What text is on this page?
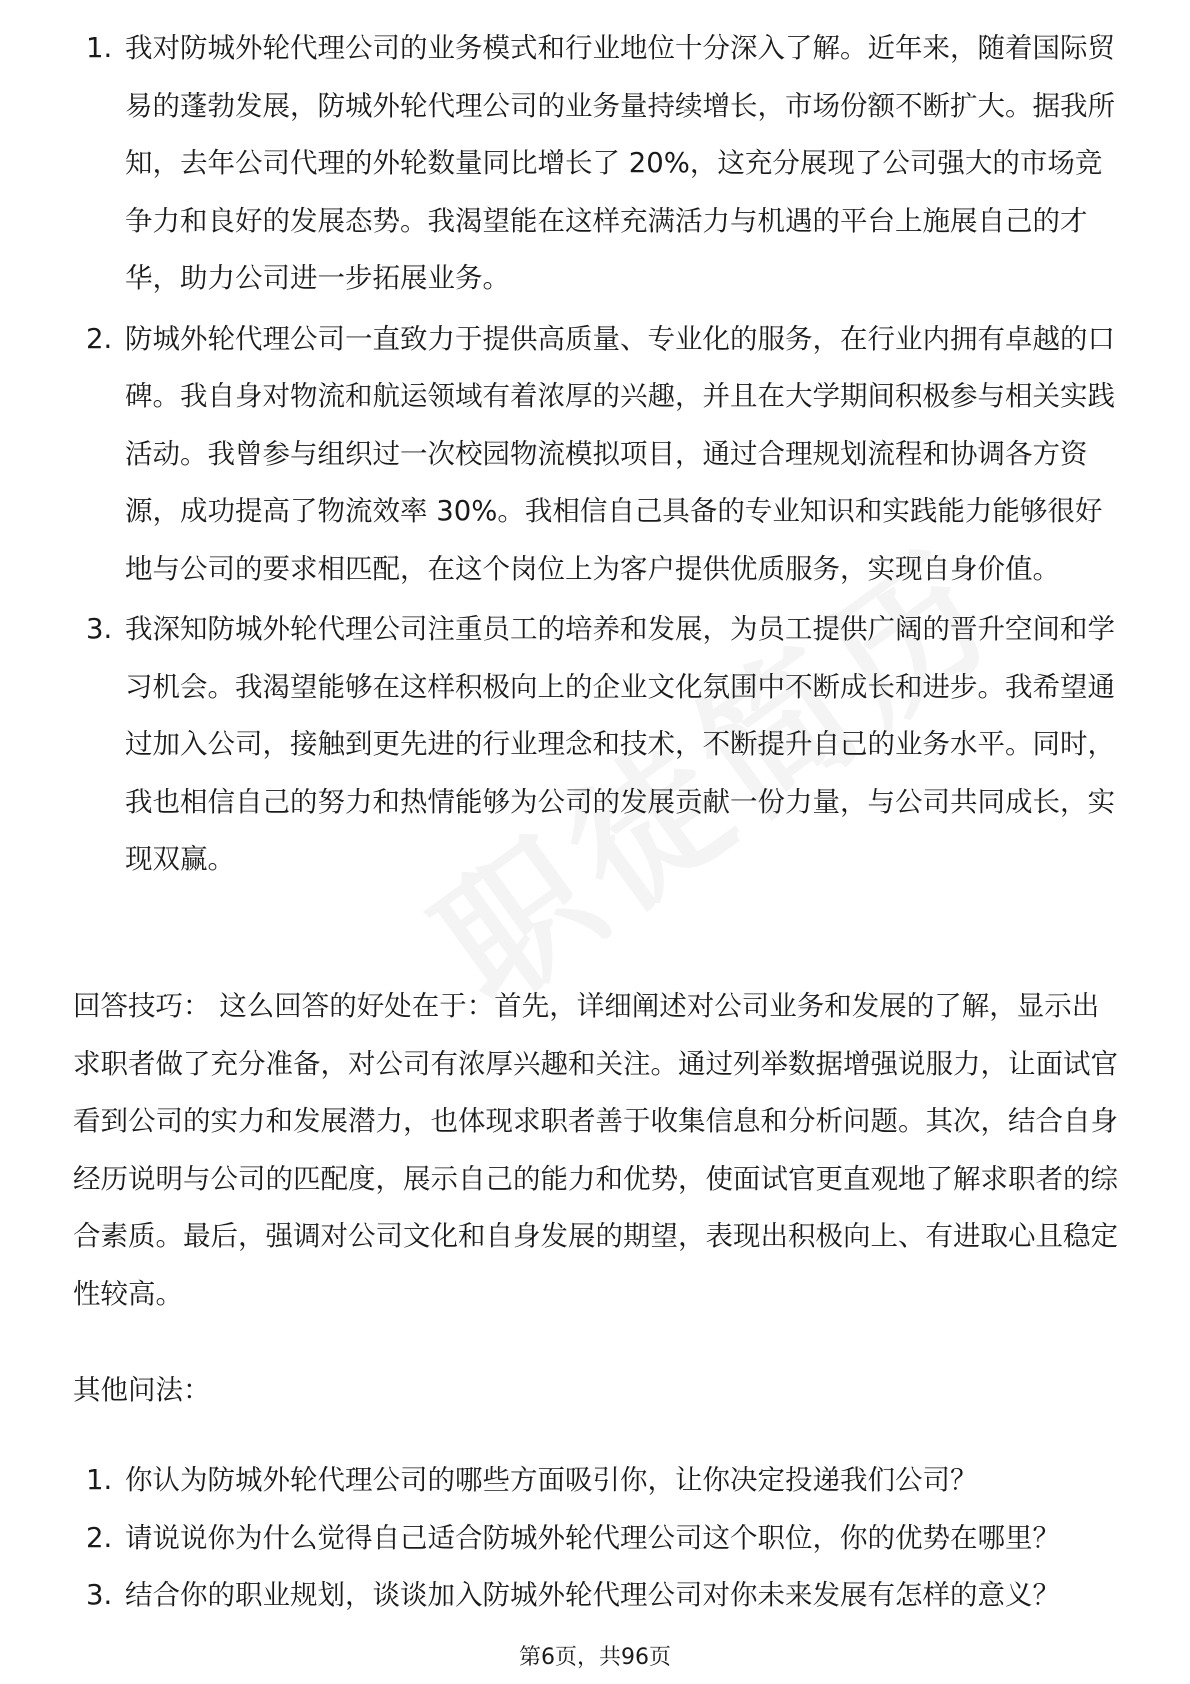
1. 我对防城外轮代理公司的业务模式和行业地位十分深入了解。近年来，随着国际贸易的蓬勃发展，防城外轮代理公司的业务量持续增长，市场份额不断扩大。据我所知，去年公司代理的外轮数量同比增长了 20%，这充分展现了公司强大的市场竞争力和良好的发展态势。我渴望能在这样充满活力与机遇的平台上施展自己的才华，助力公司进一步拓展业务。
2. 防城外轮代理公司一直致力于提供高质量、专业化的服务，在行业内拥有卓越的口碑。我自身对物流和航运领域有着浓厚的兴趣，并且在大学期间积极参与相关实践活动。我曾参与组织过一次校园物流模拟项目，通过合理规划流程和协调各方资源，成功提高了物流效率 30%。我相信自己具备的专业知识和实践能力能够很好地与公司的要求相匹配，在这个岗位上为客户提供优质服务，实现自身价值。
3. 我深知防城外轮代理公司注重员工的培养和发展，为员工提供广阔的晋升空间和学习机会。我渴望能够在这样积极向上的企业文化氛围中不断成长和进步。我希望通过加入公司，接触到更先进的行业理念和技术，不断提升自己的业务水平。同时，我也相信自己的努力和热情能够为公司的发展贡献一份力量，与公司共同成长，实现双赢。

回答技巧： 这么回答的好处在于：首先，详细阐述对公司业务和发展的了解，显示出求职者做了充分准备，对公司有浓厚兴趣和关注。通过列举数据增强说服力，让面试官看到公司的实力和发展潜力，也体现求职者善于收集信息和分析问题。其次，结合自身经历说明与公司的匹配度，展示自己的能力和优势，使面试官更直观地了解求职者的综合素质。最后，强调对公司文化和自身发展的期望，表现出积极向上、有进取心且稳定性较高。

其他问法：

1. 你认为防城外轮代理公司的哪些方面吸引你，让你决定投递我们公司？
2. 请说说你为什么觉得自己适合防城外轮代理公司这个职位，你的优势在哪里？
3. 结合你的职业规划，谈谈加入防城外轮代理公司对你未来发展有怎样的意义？
第6页，共96页
